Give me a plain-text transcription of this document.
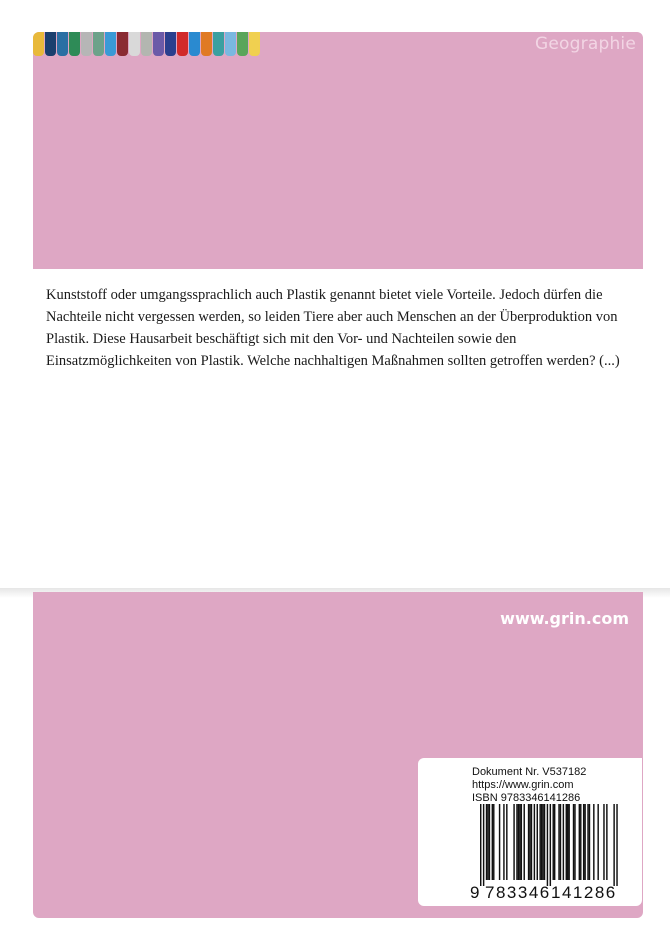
Geographie

Kunststoff oder umgangssprachlich auch Plastik genannt bietet viele Vorteile. Jedoch dürfen die Nachteile nicht vergessen werden, so leiden Tiere aber auch Menschen an der Überproduktion von Plastik. Diese Hausarbeit beschäftigt sich mit den Vor- und Nachteilen sowie den Einsatzmöglichkeiten von Plastik. Welche nachhaltigen Maßnahmen sollten getroffen werden? (...)

www.grin.com
Dokument Nr. V537182
https://www.grin.com
ISBN 9783346141286
9 783346 141286
